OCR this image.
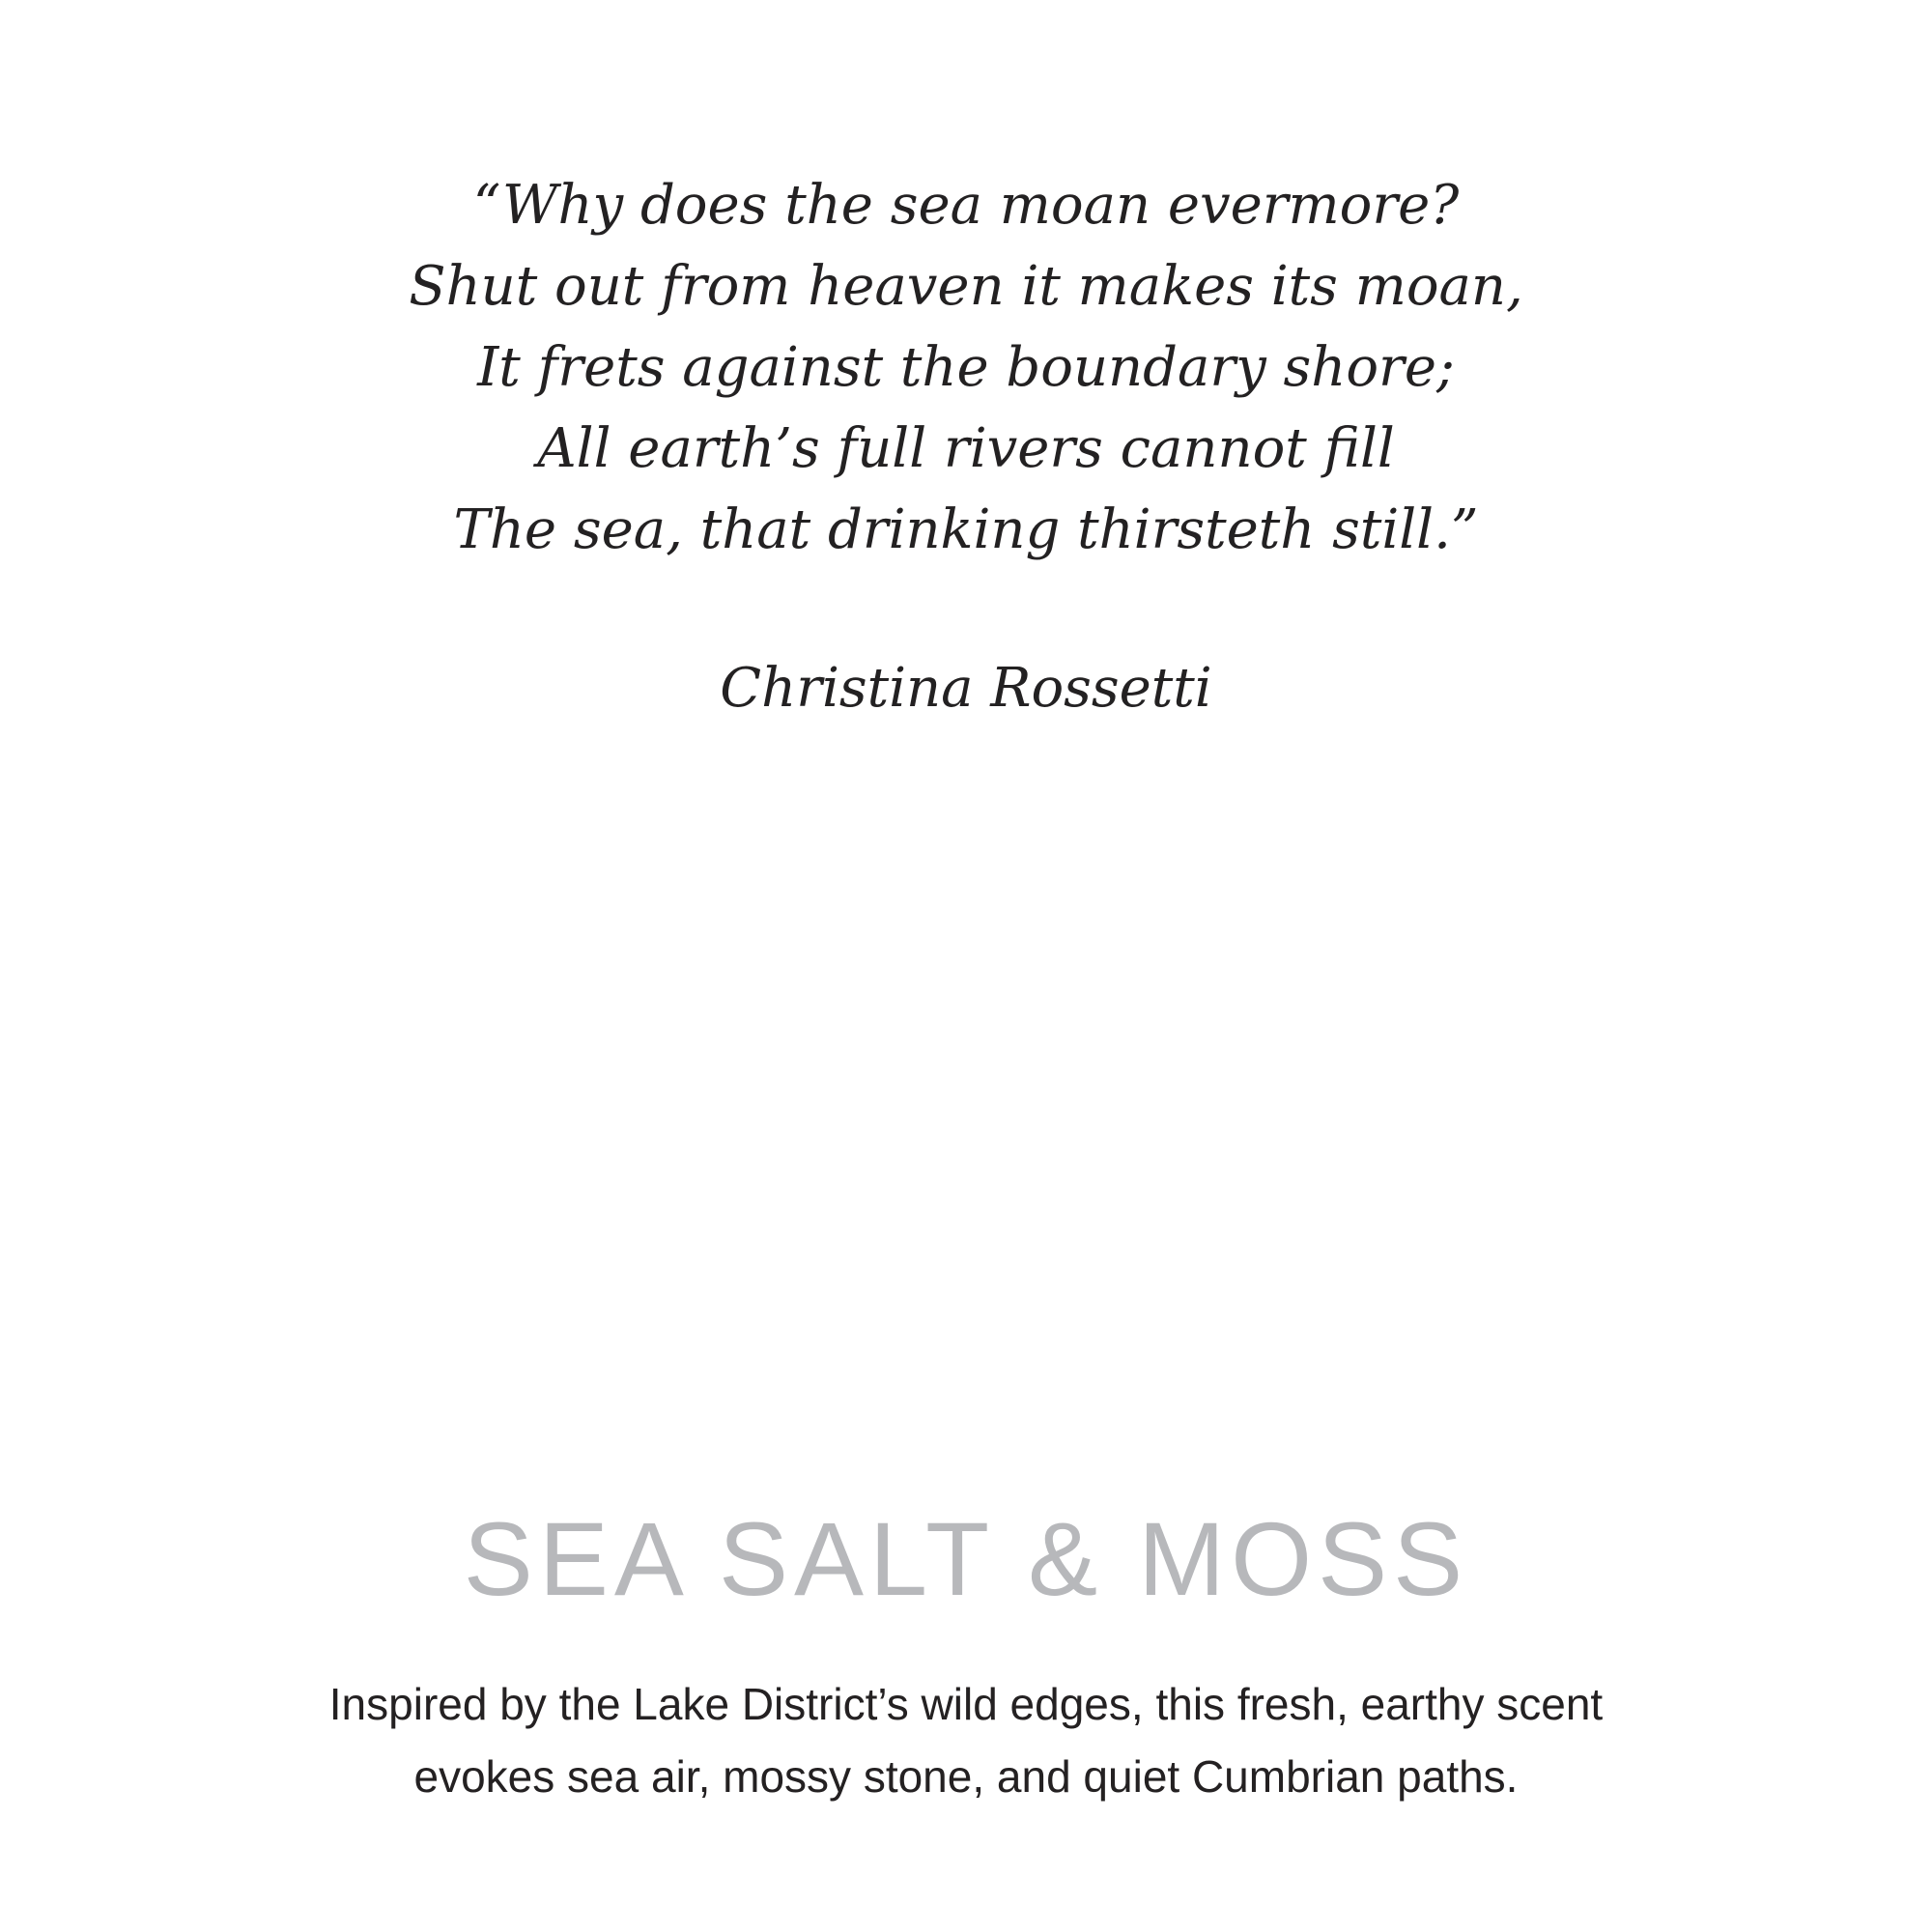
“Why does the sea moan evermore?
Shut out from heaven it makes its moan,
It frets against the boundary shore;
All earth’s full rivers cannot fill
The sea, that drinking thirsteth still.”
Christina Rossetti
SEA SALT & MOSS
Inspired by the Lake District’s wild edges, this fresh, earthy scent
evokes sea air, mossy stone, and quiet Cumbrian paths.
